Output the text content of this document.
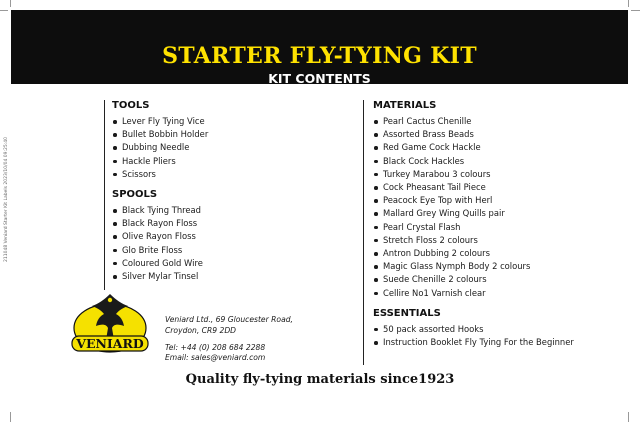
211048 Veniard Starter Kit Labels 2023/10/04 09:25:40
STARTER FLY-TYING KIT
KIT CONTENTS
TOOLS
Lever Fly Tying Vice
Bullet Bobbin Holder
Dubbing Needle
Hackle Pliers
Scissors
SPOOLS
Black Tying Thread
Black Rayon Floss
Olive Rayon Floss
Glo Brite Floss
Coloured Gold Wire
Silver Mylar Tinsel
MATERIALS
Pearl Cactus Chenille
Assorted Brass Beads
Red Game Cock Hackle
Black Cock Hackles
Turkey Marabou 3 colours
Cock Pheasant Tail Piece
Peacock Eye Top with Herl
Mallard Grey Wing Quills pair
Pearl Crystal Flash
Stretch Floss 2 colours
Antron Dubbing 2 colours
Magic Glass Nymph Body 2 colours
Suede Chenille 2 colours
Cellire No1 Varnish clear
ESSENTIALS
50 pack assorted Hooks
Instruction Booklet Fly Tying For the Beginner
VENIARD
Veniard Ltd., 69 Gloucester Road,
Croydon, CR9 2DD
Tel: +44 (0) 208 684 2288
Email: sales@veniard.com
Quality fly-tying materials since1923
